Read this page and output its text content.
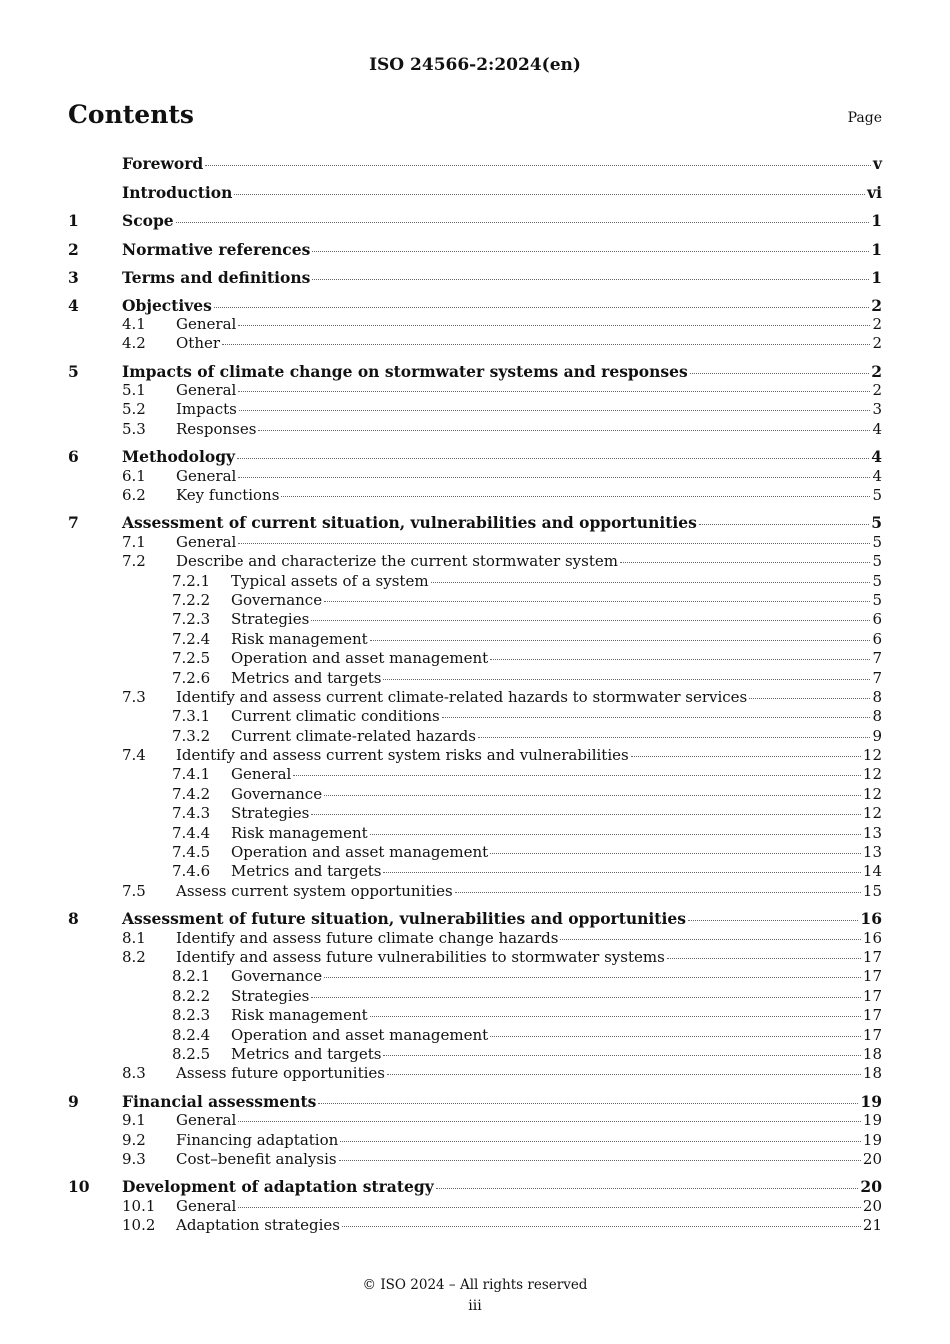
ISO 24566-2:2024(en)
Contents	Page
Foreword	v
Introduction	vi
1	Scope	1
2	Normative references	1
3	Terms and definitions	1
4	Objectives	2
4.1	General	2
4.2	Other	2
5	Impacts of climate change on stormwater systems and responses	2
5.1	General	2
5.2	Impacts	3
5.3	Responses	4
6	Methodology	4
6.1	General	4
6.2	Key functions	5
7	Assessment of current situation, vulnerabilities and opportunities	5
7.1	General	5
7.2	Describe and characterize the current stormwater system	5
7.2.1	Typical assets of a system	5
7.2.2	Governance	5
7.2.3	Strategies	6
7.2.4	Risk management	6
7.2.5	Operation and asset management	7
7.2.6	Metrics and targets	7
7.3	Identify and assess current climate-related hazards to stormwater services	8
7.3.1	Current climatic conditions	8
7.3.2	Current climate-related hazards	9
7.4	Identify and assess current system risks and vulnerabilities	12
7.4.1	General	12
7.4.2	Governance	12
7.4.3	Strategies	12
7.4.4	Risk management	13
7.4.5	Operation and asset management	13
7.4.6	Metrics and targets	14
7.5	Assess current system opportunities	15
8	Assessment of future situation, vulnerabilities and opportunities	16
8.1	Identify and assess future climate change hazards	16
8.2	Identify and assess future vulnerabilities to stormwater systems	17
8.2.1	Governance	17
8.2.2	Strategies	17
8.2.3	Risk management	17
8.2.4	Operation and asset management	17
8.2.5	Metrics and targets	18
8.3	Assess future opportunities	18
9	Financial assessments	19
9.1	General	19
9.2	Financing adaptation	19
9.3	Cost–benefit analysis	20
10	Development of adaptation strategy	20
10.1	General	20
10.2	Adaptation strategies	21
© ISO 2024 – All rights reserved
iii
